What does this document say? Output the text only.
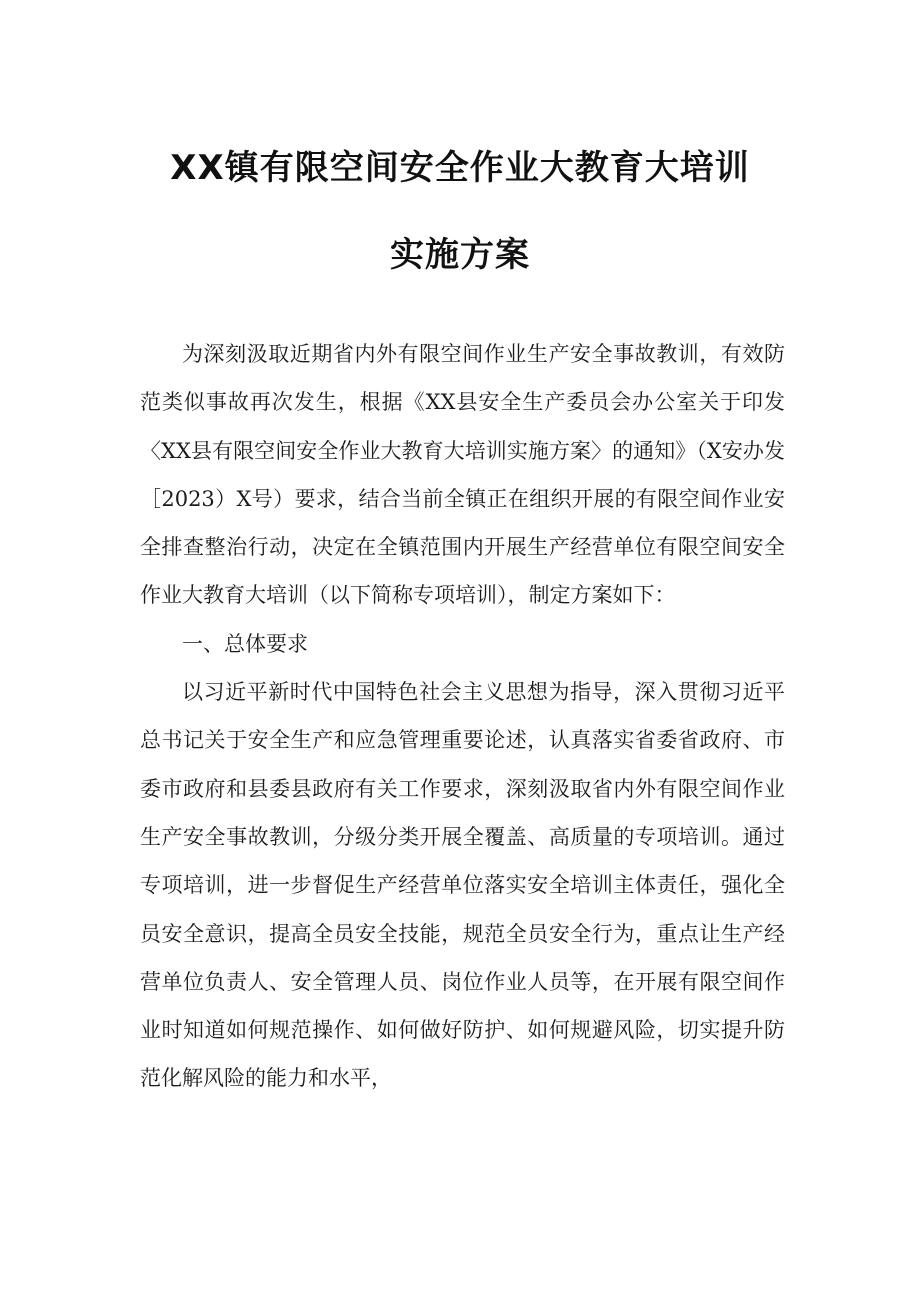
XX镇有限空间安全作业大教育大培训
实施方案

为深刻汲取近期省内外有限空间作业生产安全事故教训，有效防范类似事故再次发生，根据《XX县安全生产委员会办公室关于印发〈XX县有限空间安全作业大教育大培训实施方案〉的通知》（X安办发［2023）X号）要求，结合当前全镇正在组织开展的有限空间作业安全排查整治行动，决定在全镇范围内开展生产经营单位有限空间安全作业大教育大培训（以下简称专项培训），制定方案如下：

一、总体要求

以习近平新时代中国特色社会主义思想为指导，深入贯彻习近平总书记关于安全生产和应急管理重要论述，认真落实省委省政府、市委市政府和县委县政府有关工作要求，深刻汲取省内外有限空间作业生产安全事故教训，分级分类开展全覆盖、高质量的专项培训。通过专项培训，进一步督促生产经营单位落实安全培训主体责任，强化全员安全意识，提高全员安全技能，规范全员安全行为，重点让生产经营单位负责人、安全管理人员、岗位作业人员等，在开展有限空间作业时知道如何规范操作、如何做好防护、如何规避风险，切实提升防范化解风险的能力和水平，
